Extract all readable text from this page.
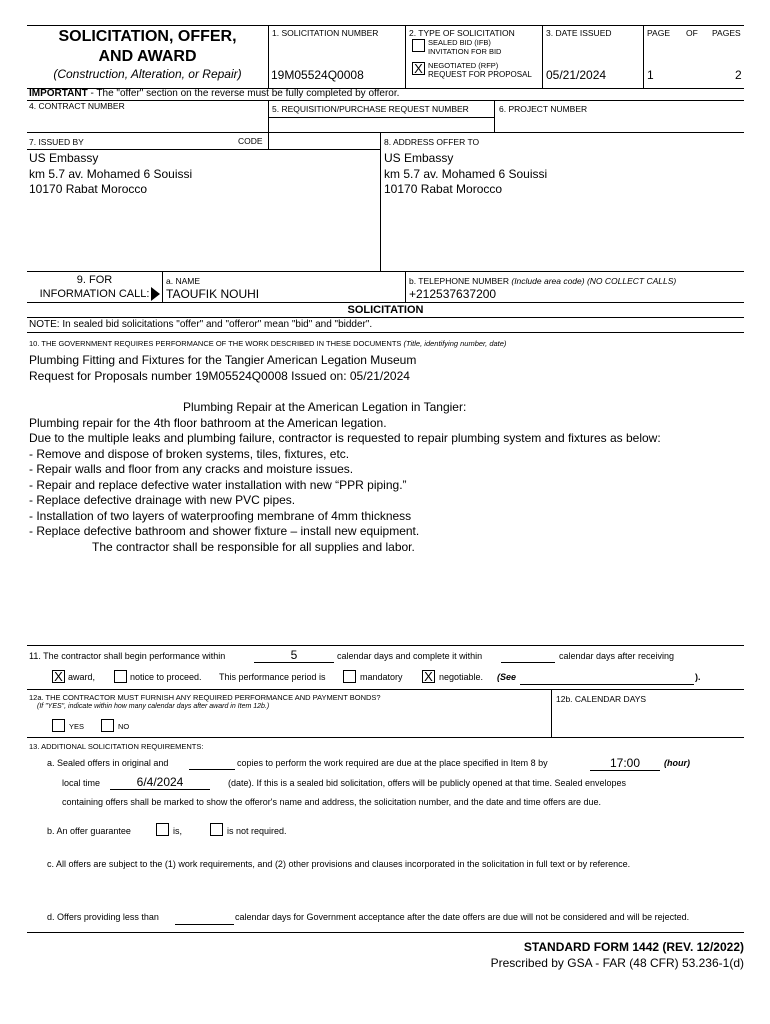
SOLICITATION, OFFER,
AND AWARD
(Construction, Alteration, or Repair)
1. SOLICITATION NUMBER
19M05524Q0008
2. TYPE OF SOLICITATION
SEALED BID (IFB)
INVITATION FOR BID
X NEGOTIATED (RFP)
REQUEST FOR PROPOSAL
3. DATE ISSUED
05/21/2024
PAGE OF PAGES
1	2
IMPORTANT - The "offer" section on the reverse must be fully completed by offeror.
4. CONTRACT NUMBER	5. REQUISITION/PURCHASE REQUEST NUMBER	6. PROJECT NUMBER
7. ISSUED BY	CODE
US Embassy
km 5.7 av. Mohamed 6 Souissi
10170 Rabat Morocco
8. ADDRESS OFFER TO
US Embassy
km 5.7 av. Mohamed 6 Souissi
10170 Rabat Morocco
9. FOR
INFORMATION CALL:
a. NAME
TAOUFIK NOUHI
b. TELEPHONE NUMBER (Include area code) (NO COLLECT CALLS)
+212537637200
SOLICITATION
NOTE: In sealed bid solicitations "offer" and "offeror" mean "bid" and "bidder".
10. THE GOVERNMENT REQUIRES PERFORMANCE OF THE WORK DESCRIBED IN THESE DOCUMENTS (Title, identifying number, date)
Plumbing Fitting and Fixtures for the Tangier American Legation Museum
Request for Proposals number 19M05524Q0008 Issued on: 05/21/2024
Plumbing Repair at the American Legation in Tangier:
Plumbing repair for the 4th floor bathroom at the American legation.
Due to the multiple leaks and plumbing failure, contractor is requested to repair plumbing system and fixtures as below:
- Remove and dispose of broken systems, tiles, fixtures, etc.
- Repair walls and floor from any cracks and moisture issues.
- Repair and replace defective water installation with new “PPR piping.”
- Replace defective drainage with new PVC pipes.
- Installation of two layers of waterproofing membrane of 4mm thickness
- Replace defective bathroom and shower fixture – install new equipment.
The contractor shall be responsible for all supplies and labor.
11. The contractor shall begin performance within	5	calendar days and complete it within	calendar days after receiving
X award,	notice to proceed. This performance period is	mandatory X negotiable. (See	).
12a. THE CONTRACTOR MUST FURNISH ANY REQUIRED PERFORMANCE AND PAYMENT BONDS?
(If "YES", indicate within how many calendar days after award in Item 12b.)
YES	NO
12b. CALENDAR DAYS
13. ADDITIONAL SOLICITATION REQUIREMENTS:
a. Sealed offers in original and	copies to perform the work required are due at the place specified in Item 8 by	17:00	(hour)
local time	6/4/2024	(date). If this is a sealed bid solicitation, offers will be publicly opened at that time. Sealed envelopes
containing offers shall be marked to show the offeror's name and address, the solicitation number, and the date and time offers are due.
b. An offer guarantee	is,	is not required.
c. All offers are subject to the (1) work requirements, and (2) other provisions and clauses incorporated in the solicitation in full text or by reference.
d. Offers providing less than	calendar days for Government acceptance after the date offers are due will not be considered and will be rejected.
STANDARD FORM 1442 (REV. 12/2022)
Prescribed by GSA - FAR (48 CFR) 53.236-1(d)
